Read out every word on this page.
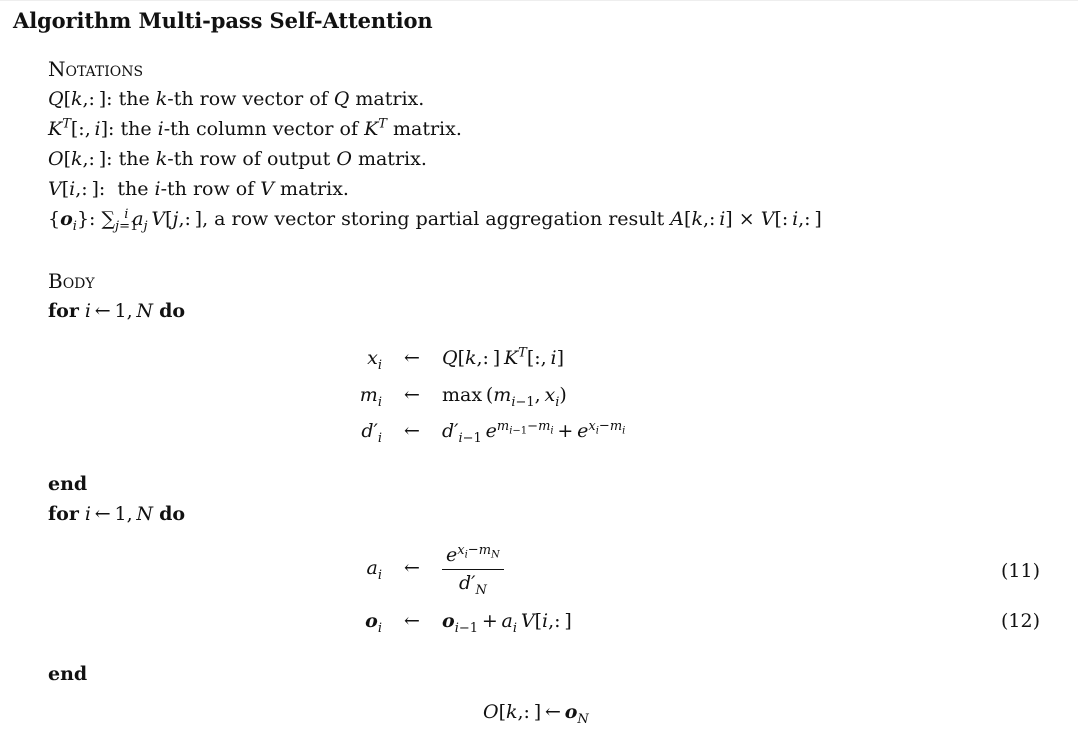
Algorithm Multi-pass Self-Attention
Notations
Q[k,: ]: the k-th row vector of Q matrix.
$K^T$[:, i]: the i-th column vector of $K^T$ matrix.
O[k,: ]: the k-th row of output O matrix.
V[i,: ]:  the i-th row of V matrix.
$\{o_i\}$: $\sum_{j=1}^i$  $a_j$  V[j,: ], a row vector storing partial aggregation result A[k,: i] × V[: i,: ]
Body
for i ← 1, N do
$x_i$ ← Q[k,: ] $K^T$[:, i]
$m_i$ ← $\max (m_{i-1}$, $x_i$)
$d'_i$ ← $d'_{i-1}$  $e^{m_{i-1}-m_i} + e^{x_i-m_i}$
end
for i ← 1, N do
$a_i$ ← $\frac{e^{x_i-m_N}}{d'_N}$	(11)
$o_i$ ← $o_{i-1} + a_i$  V[i,: ]	(12)
end
O[k,: ] ← $o_N$
